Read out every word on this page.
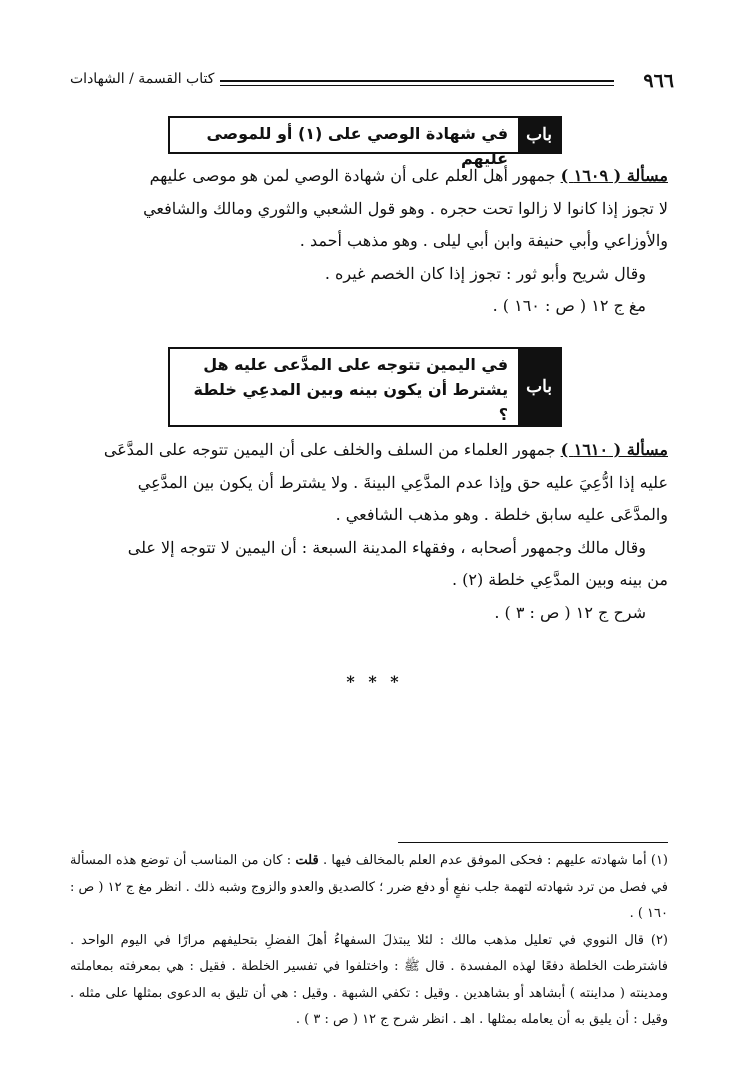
٩٦٦
كتاب القسمة / الشهادات
باب
في شهادة الوصي على (١) أو للموصى عليهم

مسألة ( ١٦٠٩ ) جمهور أهل العلم على أن شهادة الوصي لمن هو موصى عليهم

لا تجوز إذا كانوا لا زالوا تحت حجره . وهو قول الشعبي والثوري ومالك والشافعي

والأوزاعي وأبي حنيفة وابن أبي ليلى . وهو مذهب أحمد .

وقال شريح وأبو ثور : تجوز إذا كان الخصم غيره .

مغ ج ١٢ ( ص : ١٦٠ ) .

باب
في اليمين تتوجه على المدَّعى عليه هل
يشترط أن يكون بينه وبين المدعِي خلطة ؟

مسألة ( ١٦١٠ ) جمهور العلماء من السلف والخلف على أن اليمين تتوجه على المدَّعَى

عليه إذا ادُّعِيَ عليه حق وإذا عدم المدَّعِي البينةَ . ولا يشترط أن يكون بين المدَّعِي

والمدَّعَى عليه سابق خلطة . وهو مذهب الشافعي .

وقال مالك وجمهور أصحابه ، وفقهاء المدينة السبعة : أن اليمين لا تتوجه إلا على

من بينه وبين المدَّعِي خلطة (٢) .

شرح ج ١٢ ( ص : ٣ ) .

* * *

(١) أما شهادته عليهم : فحكى الموفق عدم العلم بالمخالف فيها . قلت : كان من المناسب أن توضع هذه المسألة في فصل من ترد شهادته لتهمة جلب نفعٍ أو دفع ضرر ؛ كالصديق والعدو والزوج وشبه ذلك . انظر مغ ج ١٢ ( ص : ١٦٠ ) .

(٢) قال النووي في تعليل مذهب مالك : لئلا يبتذلَ السفهاءُ أهلَ الفضلِ بتحليفهم مرارًا في اليوم الواحد . فاشترطت الخلطة دفعًا لهذه المفسدة . قال ﷺ : واختلفوا في تفسير الخلطة . فقيل : هي بمعرفته بمعاملته ومدينته ( مداينته ) أبشاهد أو بشاهدين . وقيل : تكفي الشبهة . وقيل : هي أن تليق به الدعوى بمثلها على مثله . وقيل : أن يليق به أن يعامله بمثلها . اهـ . انظر شرح ج ١٢ ( ص : ٣ ) .
